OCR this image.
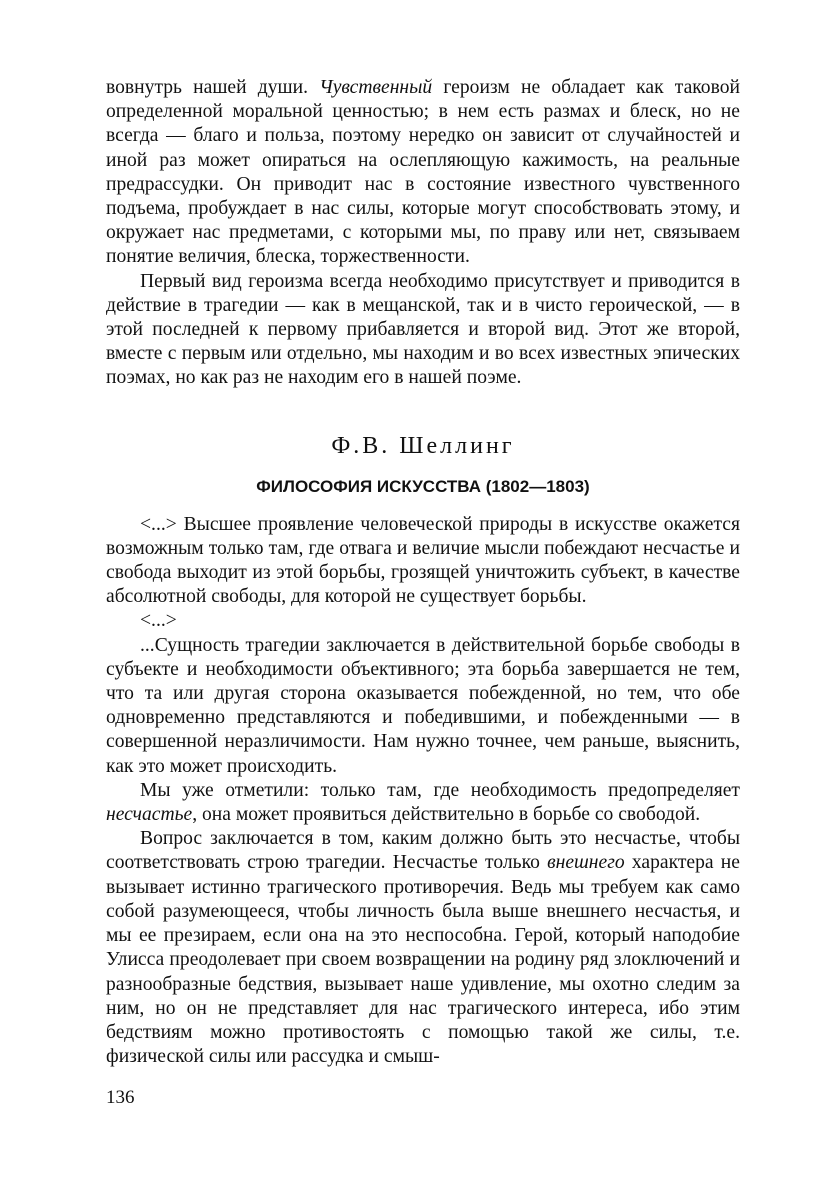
вовнутрь нашей души. Чувственный героизм не обладает как таковой определенной моральной ценностью; в нем есть размах и блеск, но не всегда — благо и польза, поэтому нередко он зависит от случайностей и иной раз может опираться на ослепляющую кажимость, на реальные предрассудки. Он приводит нас в состояние известного чувственного подъема, пробуждает в нас силы, которые могут способствовать этому, и окружает нас предметами, с которыми мы, по праву или нет, связываем понятие величия, блеска, торжественности.

Первый вид героизма всегда необходимо присутствует и приводится в действие в трагедии — как в мещанской, так и в чисто героической, — в этой последней к первому прибавляется и второй вид. Этот же второй, вместе с первым или отдельно, мы находим и во всех известных эпических поэмах, но как раз не находим его в нашей поэме.

Ф.В. Шеллинг
ФИЛОСОФИЯ ИСКУССТВА (1802—1803)

<...> Высшее проявление человеческой природы в искусстве окажется возможным только там, где отвага и величие мысли побеждают несчастье и свобода выходит из этой борьбы, грозящей уничтожить субъект, в качестве абсолютной свободы, для которой не существует борьбы.

<...>

...Сущность трагедии заключается в действительной борьбе свободы в субъекте и необходимости объективного; эта борьба завершается не тем, что та или другая сторона оказывается побежденной, но тем, что обе одновременно представляются и победившими, и побежденными — в совершенной неразличимости. Нам нужно точнее, чем раньше, выяснить, как это может происходить.

Мы уже отметили: только там, где необходимость предопределяет несчастье, она может проявиться действительно в борьбе со свободой.

Вопрос заключается в том, каким должно быть это несчастье, чтобы соответствовать строю трагедии. Несчастье только внешнего характера не вызывает истинно трагического противоречия. Ведь мы требуем как само собой разумеющееся, чтобы личность была выше внешнего несчастья, и мы ее презираем, если она на это неспособна. Герой, который наподобие Улисса преодолевает при своем возвращении на родину ряд злоключений и разнообразные бедствия, вызывает наше удивление, мы охотно следим за ним, но он не представляет для нас трагического интереса, ибо этим бедствиям можно противостоять с помощью такой же силы, т.е. физической силы или рассудка и смыш-

136
